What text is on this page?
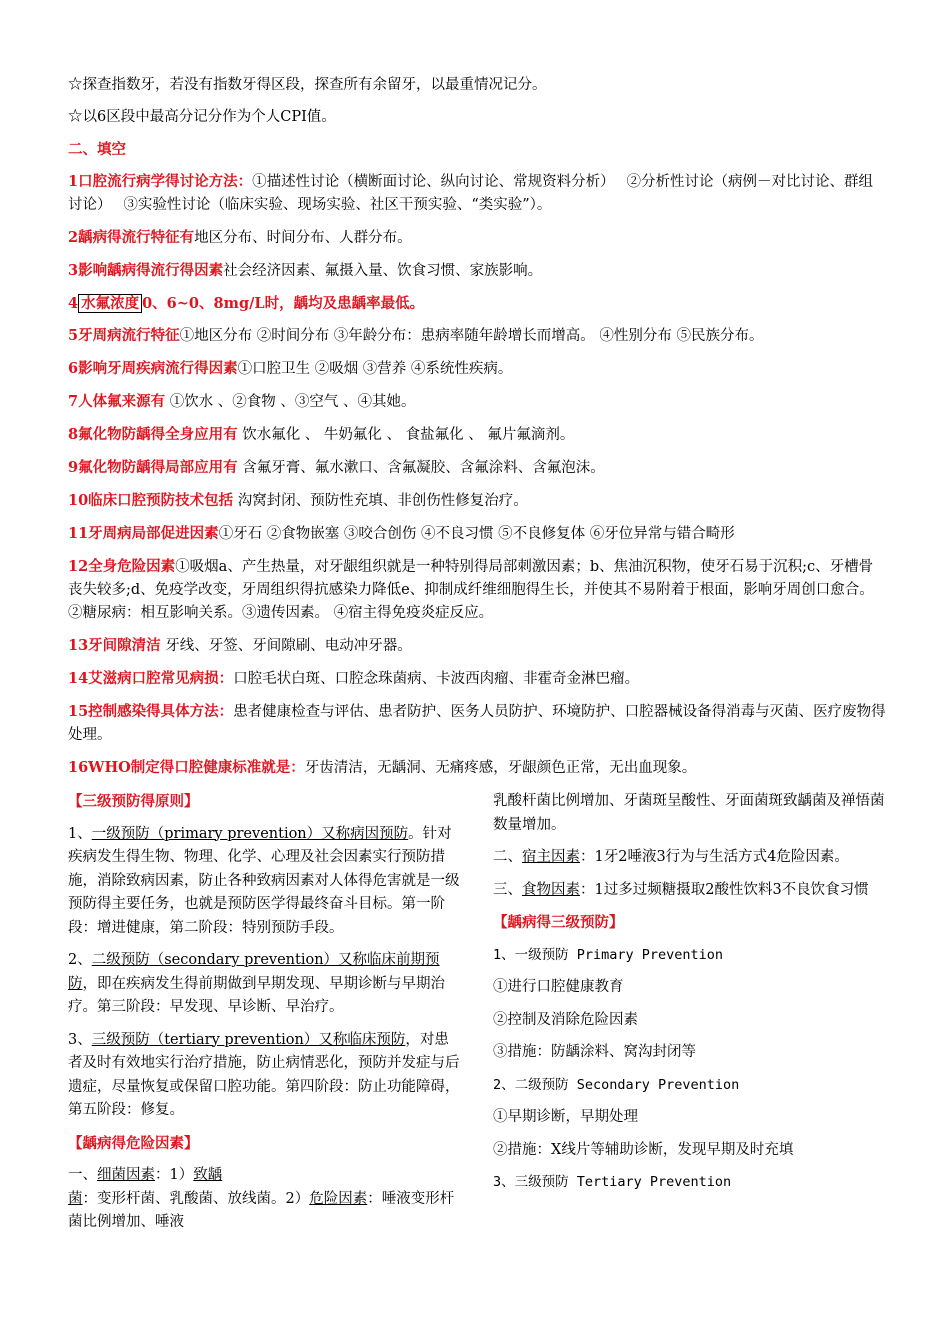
☆探查指数牙，若没有指数牙得区段，探查所有余留牙，以最重情况记分。

☆以6区段中最高分记分作为个人CPI值。

二、填空

1口腔流行病学得讨论方法：①描述性讨论（横断面讨论、纵向讨论、常规资料分析）　 ②分析性讨论（病例－对比讨论、群组讨论）　 ③实验性讨论（临床实验、现场实验、社区干预实验、“类实验”）。

2龋病得流行特征有地区分布、时间分布、人群分布。

3影响龋病得流行得因素社会经济因素、氟摄入量、饮食习惯、家族影响。

4 水氟浓度 0、6~0、8mg/L时，龋均及患龋率最低。

5牙周病流行特征①地区分布 ②时间分布 ③年龄分布：患病率随年龄增长而增高。 ④性别分布 ⑤民族分布。

6影响牙周疾病流行得因素①口腔卫生 ②吸烟 ③营养 ④系统性疾病。

7人体氟来源有 ①饮水 、②食物 、③空气 、④其她。

8氟化物防龋得全身应用有 饮水氟化 、 牛奶氟化 、 食盐氟化 、 氟片氟滴剂。

9氟化物防龋得局部应用有 含氟牙膏、氟水漱口、含氟凝胶、含氟涂料、含氟泡沫。

10临床口腔预防技术包括 沟窝封闭、预防性充填、非创伤性修复治疗。

11牙周病局部促进因素①牙石 ②食物嵌塞 ③咬合创伤 ④不良习惯 ⑤不良修复体 ⑥牙位异常与错合畸形

12全身危险因素①吸烟a、产生热量，对牙龈组织就是一种特别得局部刺激因素；b、焦油沉积物，使牙石易于沉积;c、牙槽骨丧失较多;d、免疫学改变，牙周组织得抗感染力降低e、抑制成纤维细胞得生长，并使其不易附着于根面，影响牙周创口愈合。②糖尿病：相互影响关系。③遗传因素。 ④宿主得免疫炎症反应。

13牙间隙清洁 牙线、牙签、牙间隙刷、电动冲牙器。

14艾滋病口腔常见病损：口腔毛状白斑、口腔念珠菌病、卡波西肉瘤、非霍奇金淋巴瘤。

15控制感染得具体方法：患者健康检查与评估、患者防护、医务人员防护、环境防护、口腔器械设备得消毒与灭菌、医疗废物得处理。

16WHO制定得口腔健康标准就是：牙齿清洁，无龋洞、无痛疼感，牙龈颜色正常，无出血现象。

【三级预防得原则】

1、一级预防（primary prevention）又称病因预防。针对疾病发生得生物、物理、化学、心理及社会因素实行预防措施，消除致病因素，防止各种致病因素对人体得危害就是一级预防得主要任务，也就是预防医学得最终奋斗目标。第一阶段：增进健康，第二阶段：特别预防手段。

2、二级预防（secondary prevention）又称临床前期预防，即在疾病发生得前期做到早期发现、早期诊断与早期治疗。第三阶段：早发现、早诊断、早治疗。

3、三级预防（tertiary prevention）又称临床预防，对患者及时有效地实行治疗措施，防止病情恶化，预防并发症与后遗症，尽量恢复或保留口腔功能。第四阶段：防止功能障碍，第五阶段：修复。

【龋病得危险因素】

一、细菌因素：1）致龋菌：变形杆菌、乳酸菌、放线菌。2）危险因素：唾液变形杆菌比例增加、唾液

乳酸杆菌比例增加、牙菌斑呈酸性、牙面菌斑致龋菌及禅悟菌数量增加。

二、宿主因素：1牙2唾液3行为与生活方式4危险因素。

三、食物因素：1过多过频糖摄取2酸性饮料3不良饮食习惯

【龋病得三级预防】

1、一级预防 Primary Prevention

①进行口腔健康教育

②控制及消除危险因素

③措施：防龋涂料、窝沟封闭等

2、二级预防 Secondary Prevention

①早期诊断，早期处理

②措施：X线片等辅助诊断，发现早期及时充填

3、三级预防 Tertiary Prevention
